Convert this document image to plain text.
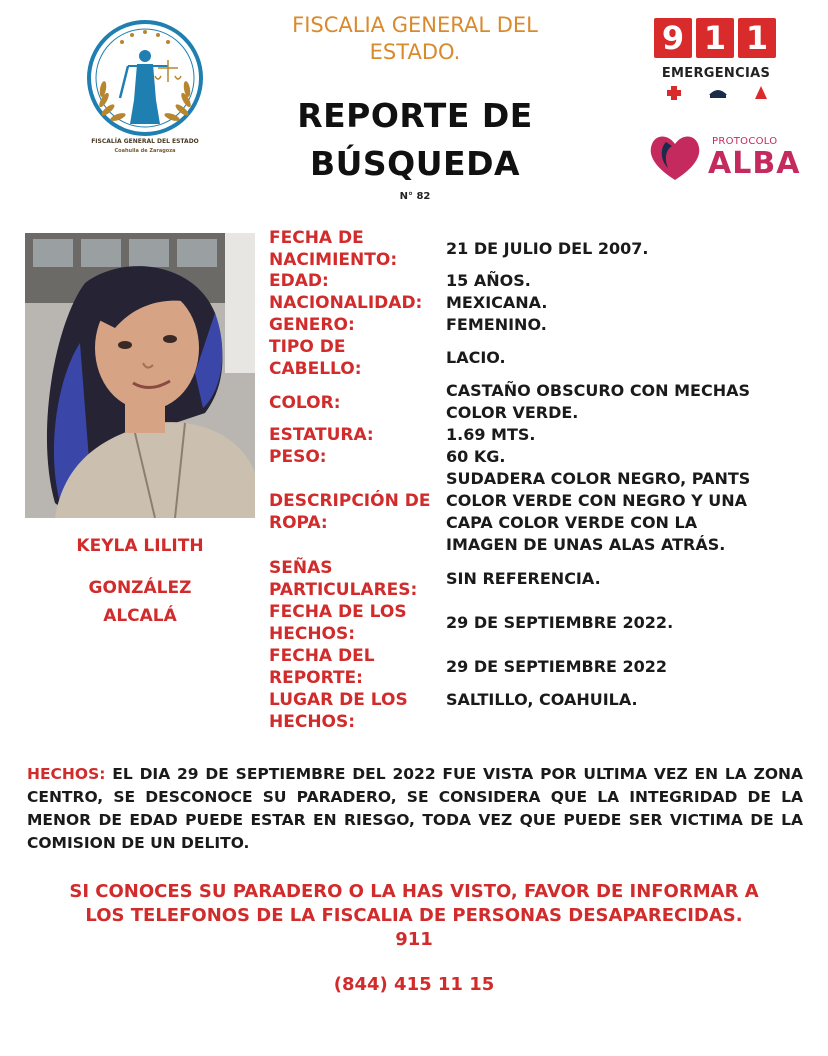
FISCALÍA GENERAL DEL ESTADO
Coahuila de Zaragoza
FISCALIA GENERAL DEL
ESTADO.
REPORTE DE
BÚSQUEDA
N° 82
9 1 1
EMERGENCIAS
PROTOCOLO
ALBA
KEYLA LILITH
GONZÁLEZ
ALCALÁ
FECHA DE
NACIMIENTO:
21 DE JULIO DEL 2007.
EDAD:	15 AÑOS.
NACIONALIDAD:	MEXICANA.
GENERO:	FEMENINO.
TIPO DE
CABELLO:
LACIO.
COLOR:
CASTAÑO OBSCURO CON MECHAS
COLOR VERDE.
ESTATURA:	1.69 MTS.
PESO:	60 KG.
DESCRIPCIÓN DE
ROPA:
SUDADERA COLOR NEGRO, PANTS
COLOR VERDE CON NEGRO Y UNA
CAPA COLOR VERDE CON LA
IMAGEN DE UNAS ALAS ATRÁS.
SEÑAS
PARTICULARES:
SIN REFERENCIA.
FECHA DE LOS
HECHOS:
29 DE SEPTIEMBRE 2022.
FECHA DEL
REPORTE:
29 DE SEPTIEMBRE 2022
LUGAR DE LOS
HECHOS:
SALTILLO, COAHUILA.
HECHOS: EL DIA 29 DE SEPTIEMBRE DEL 2022 FUE VISTA POR ULTIMA VEZ EN LA ZONA CENTRO, SE DESCONOCE SU PARADERO, SE CONSIDERA QUE LA INTEGRIDAD DE LA MENOR DE EDAD PUEDE ESTAR EN RIESGO, TODA VEZ QUE PUEDE SER VICTIMA DE LA COMISION DE UN DELITO.
SI CONOCES SU PARADERO O LA HAS VISTO, FAVOR DE INFORMAR A
LOS TELEFONOS DE LA FISCALIA DE PERSONAS DESAPARECIDAS.
911
(844) 415 11 15
